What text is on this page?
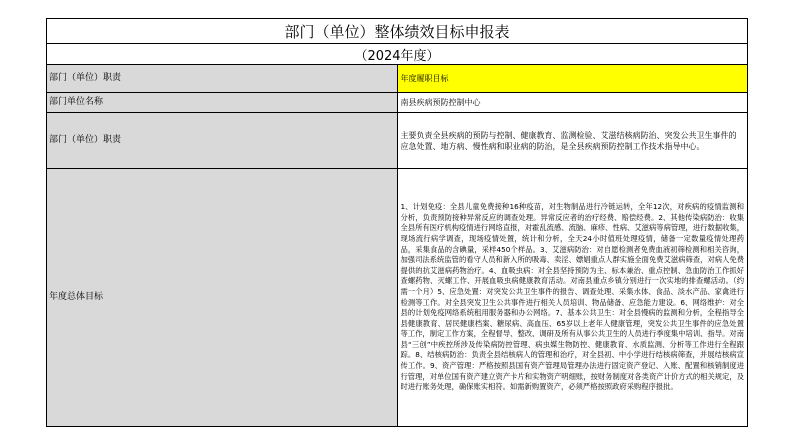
部门（单位）整体绩效目标申报表	
（2024年度）	
部门（单位）职责	年度履职目标
部门单位名称	南县疾病预防控制中心
部门（单位）职责	主要负责全县疾病的预防与控制、健康教育、监测检验、艾滋结核病防治、突发公共卫生事件的应急处置、地方病、慢性病和职业病的防治，是全县疾病预防控制工作技术指导中心。
年度总体目标	1、计划免疫：全县儿童免费接种16种疫苗，对生物制品进行冷链运转，全年12次，对疾病的疫情监测和分析，负责预防接种异常反应的调查处理。异常反应者的治疗经费、赔偿经费。2、其他传染病防治：收集全县所有医疗机构疫情进行网络直报，对霍乱流感、流脑、麻疹、性病、艾滋病等病管理，进行数据收集，现场流行病学调查，现场疫情处置，统计和分析，全天24小时值班处理疫情，储备一定数量疫情处理药品，采集食品的含碘量，采样450个样品。3、艾滋病防治：对自愿检测者免费血液初筛检测和相关咨询，加强司法系统监管的看守人员和新入所的吸毒、卖淫、嫖娼重点人群实施全面免费艾滋病筛查，对病人免费提供的抗艾滋病药物治疗。4、血吸虫病：对全县坚持预防为主、标本兼治、重点控制、急血防治工作抓好查螺药物、灭螺工作、开展血吸虫病健康教育活动。对南县重点乡镇分别进行一次实地的排查螺活动。（约需一个月）5、应急处置：对突发公共卫生事件的报告、调查处理、采集水体、食品、淡水产品、家禽进行检测等工作。对全县突发卫生公共事件进行相关人员培训、物品储备、应急能力建设。6、网络维护：对全县的计划免疫网络系统租用服务器和办公网络。7、基本公共卫生：对全县慢病的监测和分析，全程指导全县健康教育、居民健康档案、糖尿病、高血压、65岁以上老年人健康管理，突发公共卫生事件的应急处置等工作，制定工作方案，全程督导、整改、调研及所有从事公共卫生的人员进行季度集中培训、指导。对南县“三创”中疾控所涉及传染病防控管理、病虫媒生物防控、健康教育、水质监测、分析等工作进行全程跟踪。8、结核病防治：负责全县结核病人的管理和治疗，对全县初、中小学进行结核病筛查，并展结核病宣传工作。9、资产管理：严格按照县国有资产管理局管理办法进行固定资产登记、入账、配置和核销制度进行管理，对单位国有资产建立资产卡片和实物资产明细账，按财务制度对各类资产计价方式的相关规定，及时进行账务处理，确保账实相符。如需新购置资产，必须严格按照政府采购程序报批。
